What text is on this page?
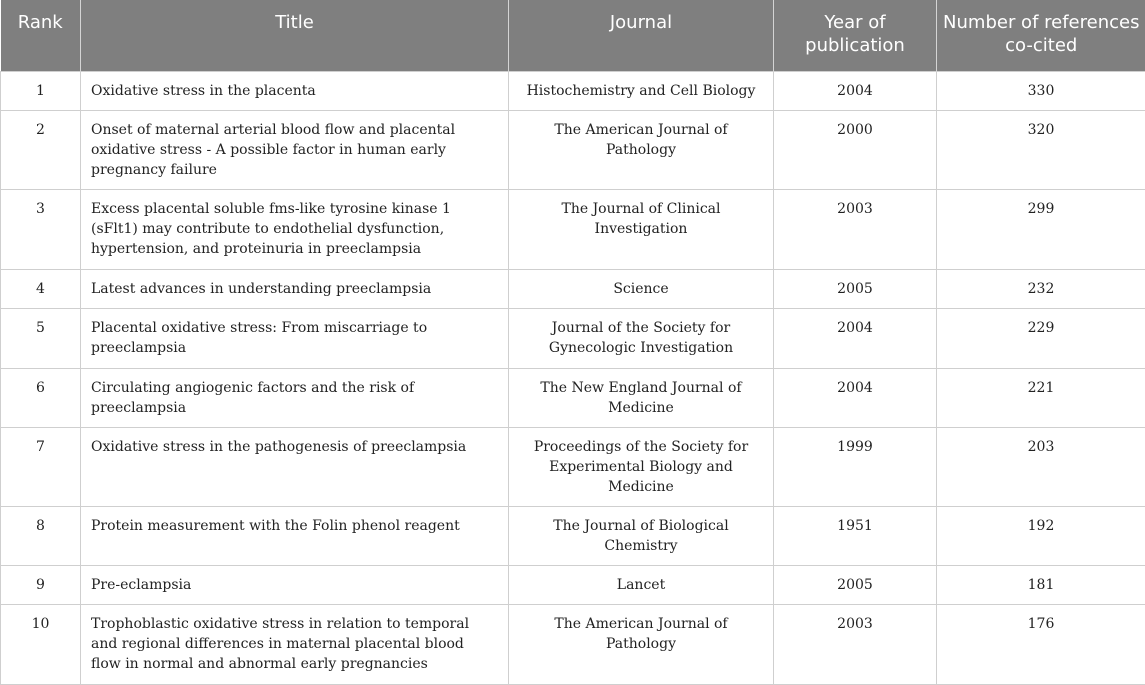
Rank	Title	Journal	Year of publication	Number of references co-cited
1	Oxidative stress in the placenta	Histochemistry and Cell Biology	2004	330
2	Onset of maternal arterial blood flow and placental oxidative stress - A possible factor in human early pregnancy failure	The American Journal of Pathology	2000	320
3	Excess placental soluble fms-like tyrosine kinase 1 (sFlt1) may contribute to endothelial dysfunction, hypertension, and proteinuria in preeclampsia	The Journal of Clinical Investigation	2003	299
4	Latest advances in understanding preeclampsia	Science	2005	232
5	Placental oxidative stress: From miscarriage to preeclampsia	Journal of the Society for Gynecologic Investigation	2004	229
6	Circulating angiogenic factors and the risk of preeclampsia	The New England Journal of Medicine	2004	221
7	Oxidative stress in the pathogenesis of preeclampsia	Proceedings of the Society for Experimental Biology and Medicine	1999	203
8	Protein measurement with the Folin phenol reagent	The Journal of Biological Chemistry	1951	192
9	Pre-eclampsia	Lancet	2005	181
10	Trophoblastic oxidative stress in relation to temporal and regional differences in maternal placental blood flow in normal and abnormal early pregnancies	The American Journal of Pathology	2003	176
